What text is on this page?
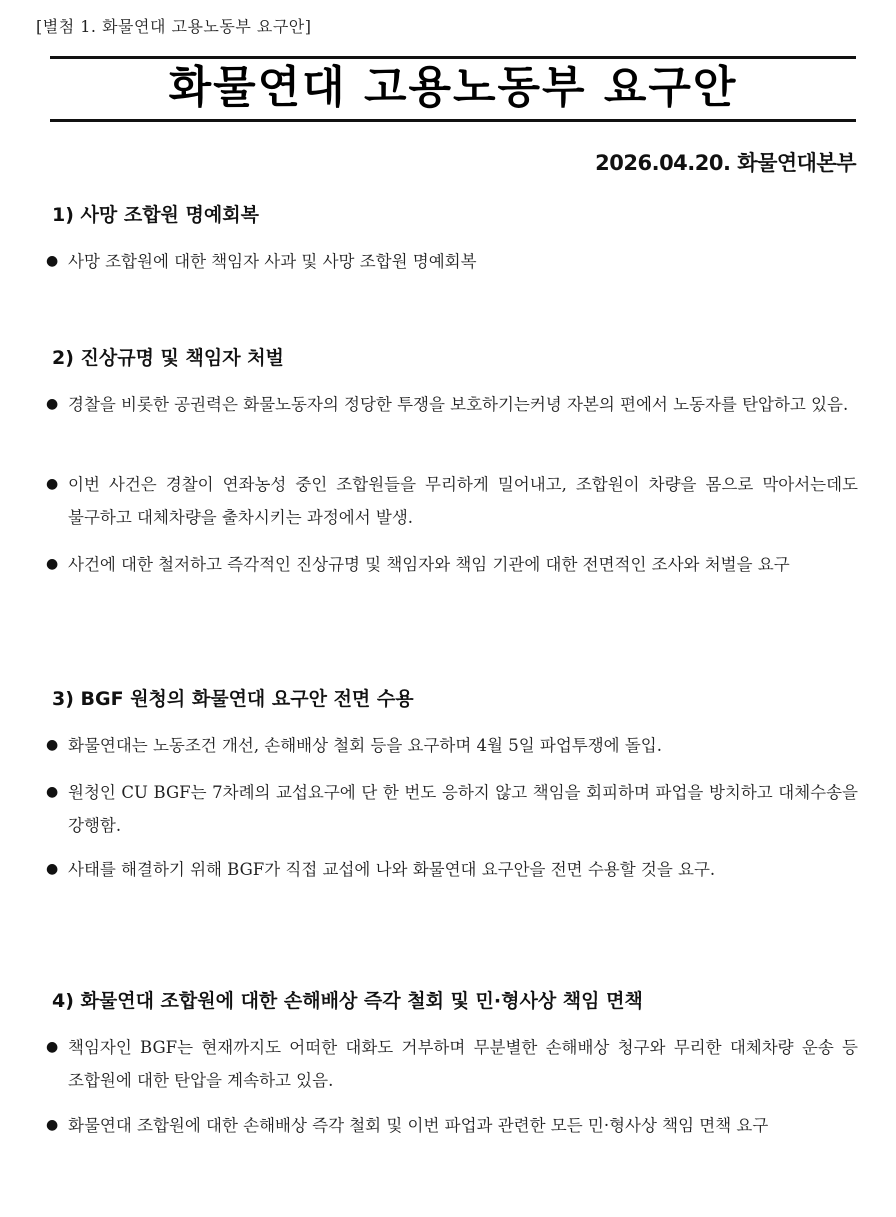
[별첨 1. 화물연대 고용노동부 요구안]
화물연대 고용노동부 요구안
2026.04.20. 화물연대본부
1) 사망 조합원 명예회복
● 사망 조합원에 대한 책임자 사과 및 사망 조합원 명예회복
2) 진상규명 및 책임자 처벌
● 경찰을 비롯한 공권력은 화물노동자의 정당한 투쟁을 보호하기는커녕 자본의 편에서 노동자를 탄압하고 있음.
● 이번 사건은 경찰이 연좌농성 중인 조합원들을 무리하게 밀어내고, 조합원이 차량을 몸으로 막아서는데도 불구하고 대체차량을 출차시키는 과정에서 발생.
● 사건에 대한 철저하고 즉각적인 진상규명 및 책임자와 책임 기관에 대한 전면적인 조사와 처벌을 요구
3) BGF 원청의 화물연대 요구안 전면 수용
● 화물연대는 노동조건 개선, 손해배상 철회 등을 요구하며 4월 5일 파업투쟁에 돌입.
● 원청인 CU BGF는 7차례의 교섭요구에 단 한 번도 응하지 않고 책임을 회피하며 파업을 방치하고 대체수송을 강행함.
● 사태를 해결하기 위해 BGF가 직접 교섭에 나와 화물연대 요구안을 전면 수용할 것을 요구.
4) 화물연대 조합원에 대한 손해배상 즉각 철회 및 민·형사상 책임 면책
● 책임자인 BGF는 현재까지도 어떠한 대화도 거부하며 무분별한 손해배상 청구와 무리한 대체차량 운송 등 조합원에 대한 탄압을 계속하고 있음.
● 화물연대 조합원에 대한 손해배상 즉각 철회 및 이번 파업과 관련한 모든 민·형사상 책임 면책 요구
